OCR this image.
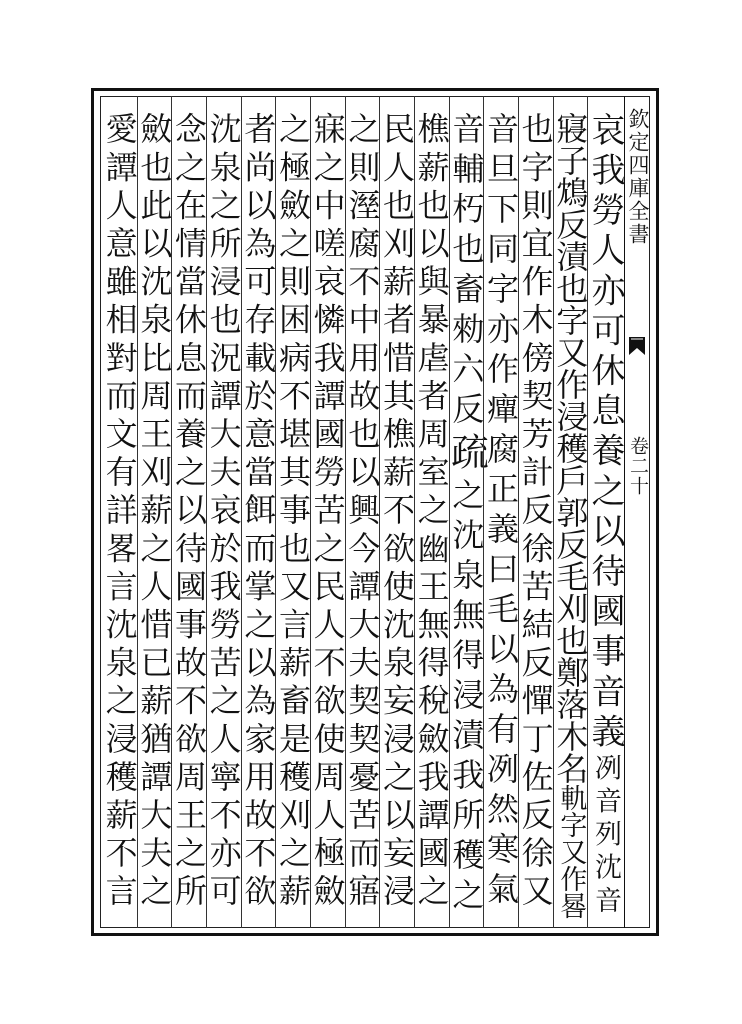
欽定四庫全書
卷二十
哀我勞人亦可休息養之以待國事音義冽音列沈音
寢子鴆反漬也字又作浸穫戶郭反毛刈也鄭落木名軌字又作晷
也字則宜作木傍契芳計反徐苦結反憚丁佐反徐又
音旦下同字亦作癉腐正義曰毛以為有冽然寒氣
音輔朽也畜勑六反疏之沈泉無得浸漬我所穫之
樵薪也以與暴虐者周室之幽王無得稅斂我譚國之
民人也刈薪者惜其樵薪不欲使沈泉妄浸之以妄浸
之則溼腐不中用故也以興今譚大夫契契憂苦而寤
寐之中嗟哀憐我譚國勞苦之民人不欲使周人極斂
之極斂之則困病不堪其事也又言薪畜是穫刈之薪
者尚以為可存載於意當餌而掌之以為家用故不欲
沈泉之所浸也況譚大夫哀於我勞苦之人寧不亦可
念之在情當休息而養之以待國事故不欲周王之所
斂也此以沈泉比周王刈薪之人惜已薪猶譚大夫之
愛譚人意雖相對而文有詳畧言沈泉之浸穫薪不言
